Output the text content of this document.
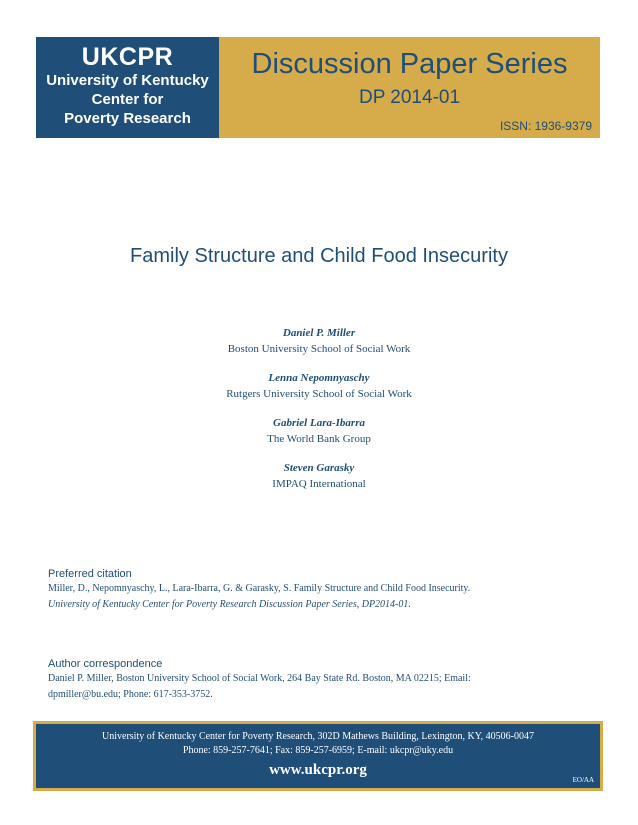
UKCPR
University of Kentucky
Center for
Poverty Research
Discussion Paper Series
DP 2014-01
ISSN: 1936-9379
Family Structure and Child Food Insecurity
Daniel P. Miller
Boston University School of Social Work
Lenna Nepomnyaschy
Rutgers University School of Social Work
Gabriel Lara-Ibarra
The World Bank Group
Steven Garasky
IMPAQ International
Preferred citation
Miller, D., Nepomnyaschy, L., Lara-Ibarra, G. & Garasky, S. Family Structure and Child Food Insecurity.
University of Kentucky Center for Poverty Research Discussion Paper Series, DP2014-01.
Author correspondence
Daniel P. Miller, Boston University School of Social Work, 264 Bay State Rd. Boston, MA 02215; Email:
dpmiller@bu.edu; Phone: 617-353-3752.
University of Kentucky Center for Poverty Research, 302D Mathews Building, Lexington, KY, 40506-0047
Phone: 859-257-7641; Fax: 859-257-6959; E-mail: ukcpr@uky.edu
www.ukcpr.org
EO/AA
